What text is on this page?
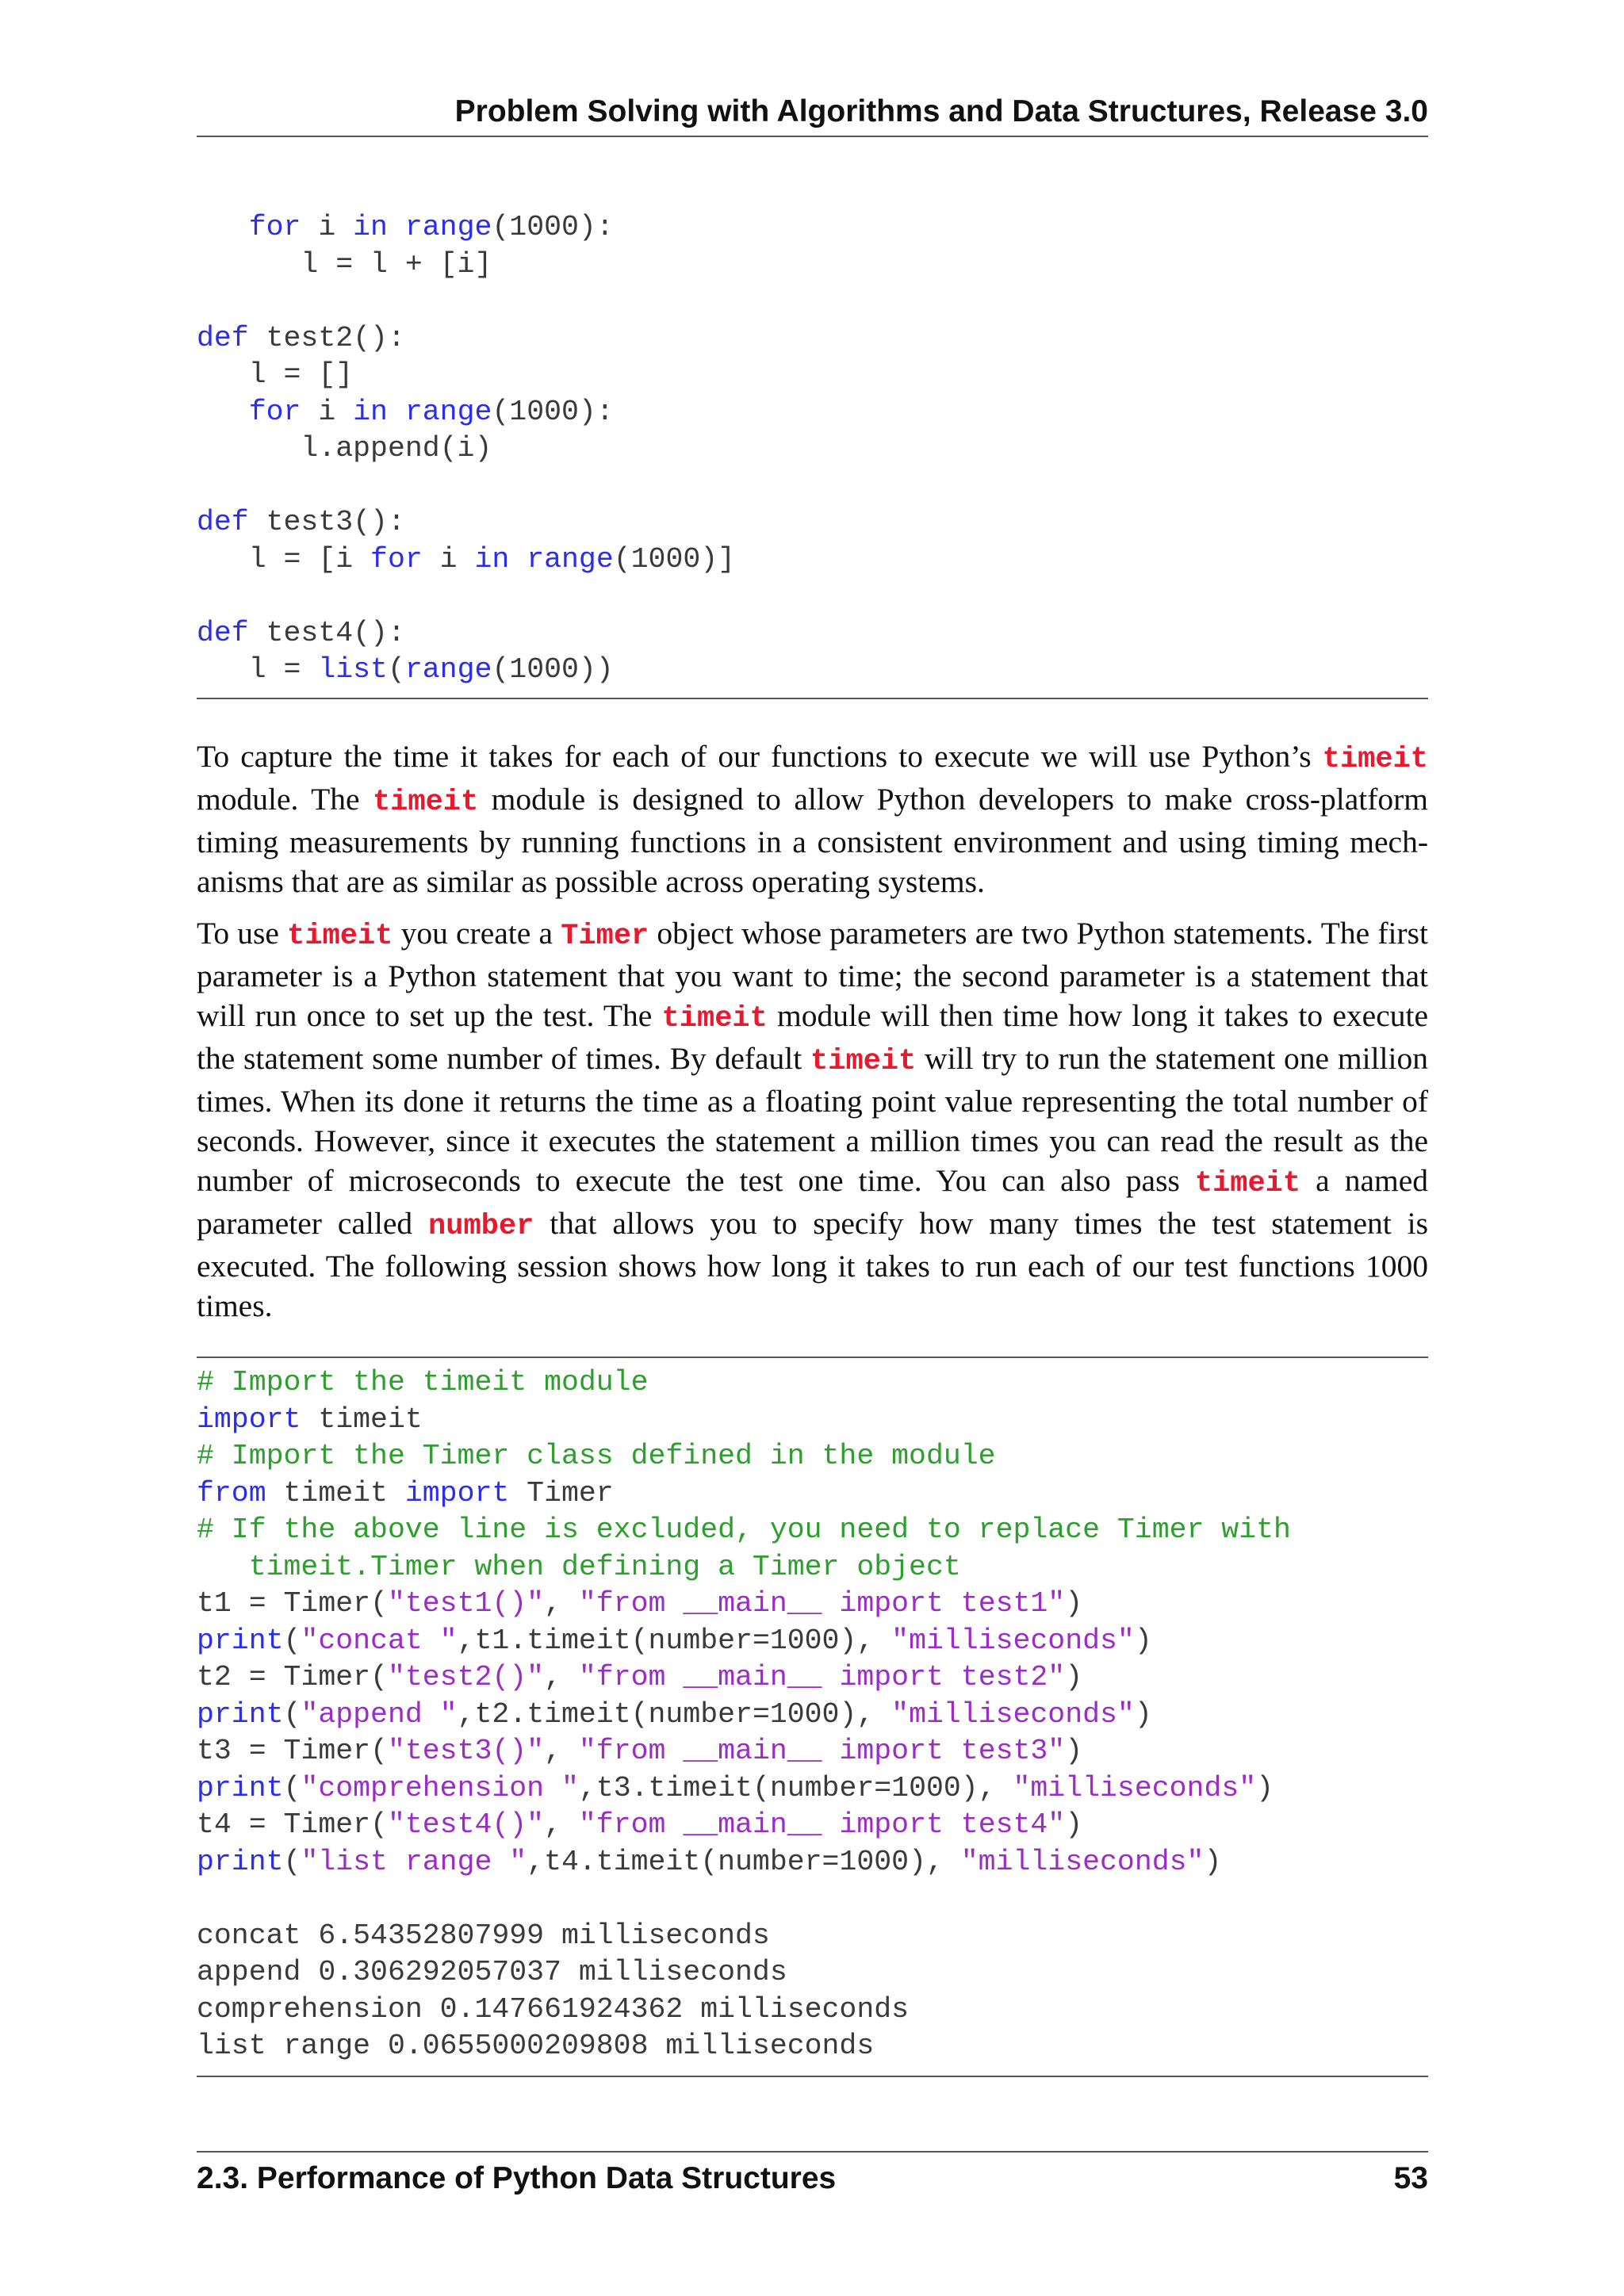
Problem Solving with Algorithms and Data Structures, Release 3.0
for i in range(1000):
l = l + [i]

def test2():
l = []
for i in range(1000):
l.append(i)

def test3():
l = [i for i in range(1000)]

def test4():
l = list(range(1000))

To capture the time it takes for each of our functions to execute we will use Python’s timeit module. The timeit module is designed to allow Python developers to make cross-platform timing measurements by running functions in a consistent environment and using timing mech-anisms that are as similar as possible across operating systems.

To use timeit you create a Timer object whose parameters are two Python statements. The first parameter is a Python statement that you want to time; the second parameter is a statement that will run once to set up the test. The timeit module will then time how long it takes to execute the statement some number of times. By default timeit will try to run the statement one million times. When its done it returns the time as a floating point value representing the total number of seconds. However, since it executes the statement a million times you can read the result as the number of microseconds to execute the test one time. You can also pass timeit a named parameter called number that allows you to specify how many times the test statement is executed. The following session shows how long it takes to run each of our test functions 1000 times.

# Import the timeit module
import timeit
# Import the Timer class defined in the module
from timeit import Timer
# If the above line is excluded, you need to replace Timer with
timeit.Timer when defining a Timer object
t1 = Timer("test1()", "from __main__ import test1")
print("concat ",t1.timeit(number=1000), "milliseconds")
t2 = Timer("test2()", "from __main__ import test2")
print("append ",t2.timeit(number=1000), "milliseconds")
t3 = Timer("test3()", "from __main__ import test3")
print("comprehension ",t3.timeit(number=1000), "milliseconds")
t4 = Timer("test4()", "from __main__ import test4")
print("list range ",t4.timeit(number=1000), "milliseconds")

concat 6.54352807999 milliseconds
append 0.306292057037 milliseconds
comprehension 0.147661924362 milliseconds
list range 0.0655000209808 milliseconds
2.3. Performance of Python Data Structures	53
